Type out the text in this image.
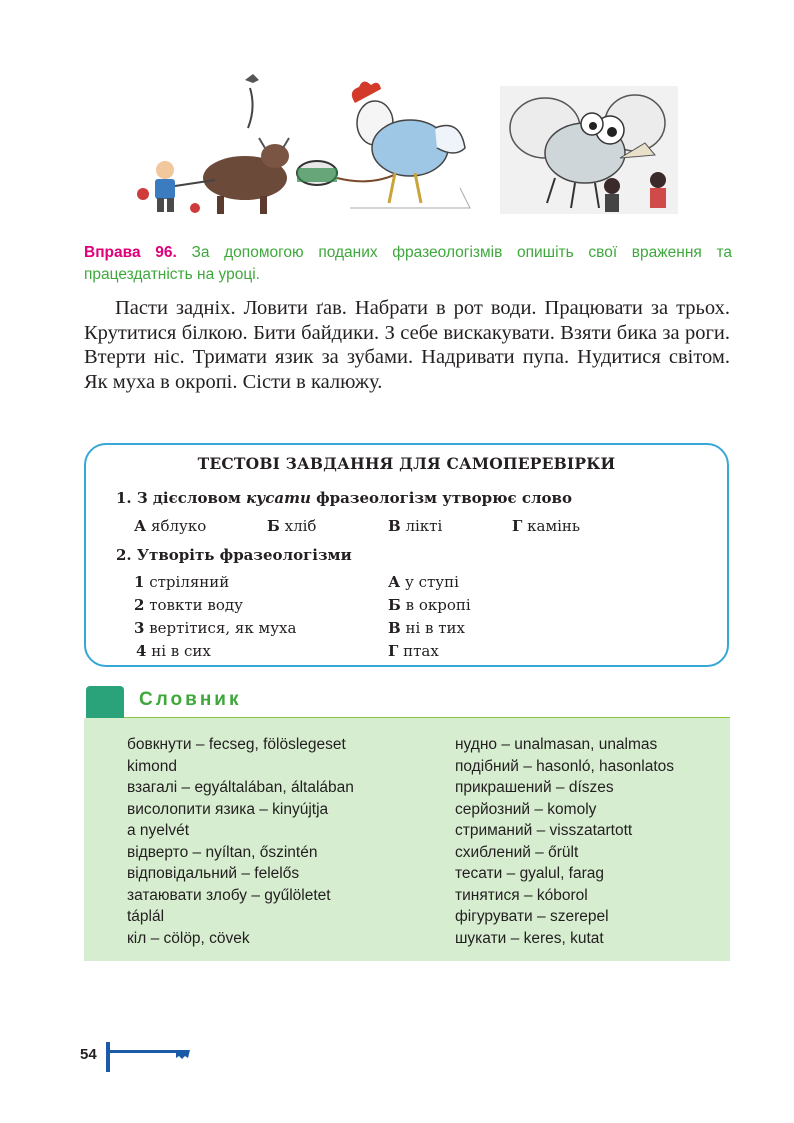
Вправа 96. За допомогою поданих фразеологізмів опишіть свої враження та працездатність на уроці.
Пасти задніх. Ловити ґав. Набрати в рот води. Працювати за трьох. Крутитися білкою. Бити байдики. З себе вискакувати. Взяти бика за роги. Втерти ніс. Тримати язик за зубами. Надривати пупа. Нудитися світом. Як муха в окропі. Сісти в калюжу.
ТЕСТОВІ ЗАВДАННЯ ДЛЯ САМОПЕРЕВІРКИ
1. З дієсловом кусати фразеологізм утворює слово
А яблуко	Б хліб	В лікті	Г камінь
2. Утворіть фразеологізми
1 стріляний
2 товкти воду
3 вертітися, як муха
4 ні в сих
А у ступі
Б в окропі
В ні в тих
Г птах
Словник
бовкнути – fecseg, fölöslegeset
kimond
взагалі – egyáltalában, általában
висолопити язика – kinyújtja
a nyelvét
відверто – nyíltan, őszintén
відповідальний – felelős
затаювати злобу – gyűlöletet
táplál
кіл – cölöp, cövek
нудно – unalmasan, unalmas
подібний – hasonló, hasonlatos
прикрашений – díszes
серйозний – komoly
стриманий – visszatartott
схиблений – őrült
тесати – gyalul, farag
тинятися – kóborol
фігурувати – szerepel
шукати – keres, kutat
54
